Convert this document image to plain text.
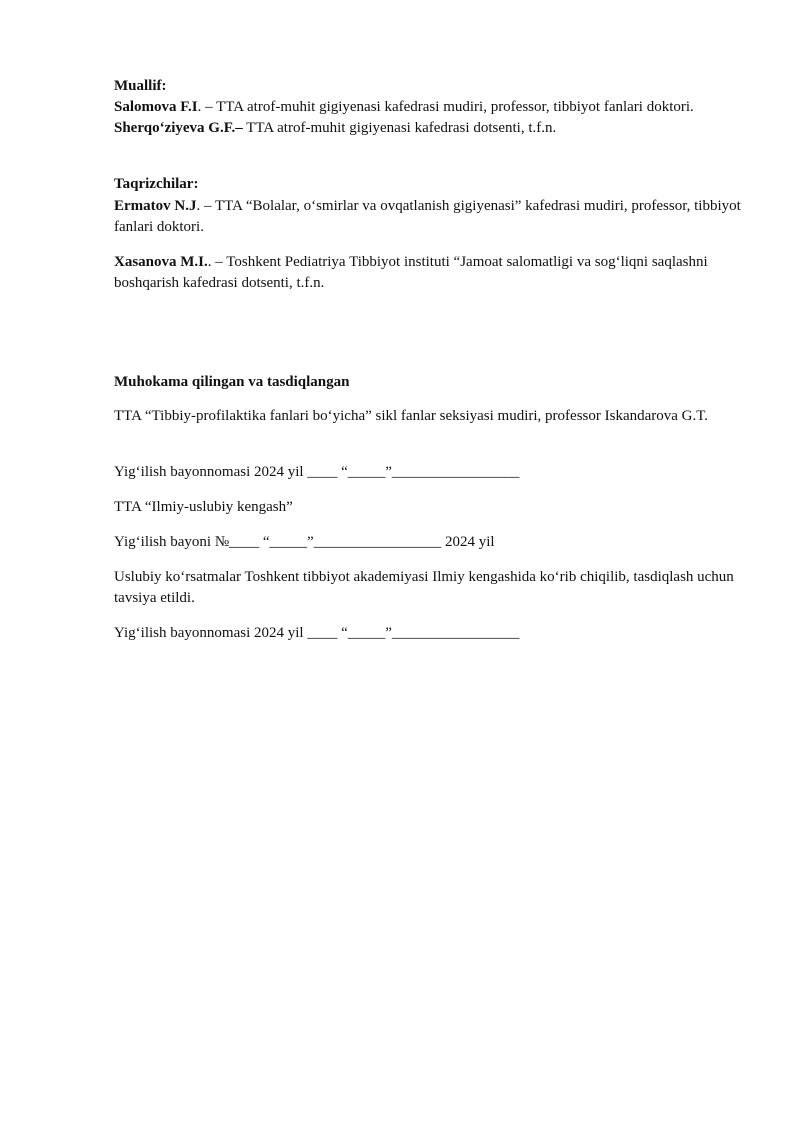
Muallif:
Salomova F.I. – TTA atrof-muhit gigiyenasi kafedrasi mudiri, professor, tibbiyot fanlari doktori.
Sherqo‘ziyeva G.F.– TTA atrof-muhit gigiyenasi kafedrasi dotsenti, t.f.n.
Taqrizchilar:
Ermatov N.J. – TTA “Bolalar, o‘smirlar va ovqatlanish gigiyenasi” kafedrasi mudiri, professor, tibbiyot fanlari doktori.
Xasanova M.I.. – Toshkent Pediatriya Tibbiyot instituti “Jamoat salomatligi va sog‘liqni saqlashni boshqarish kafedrasi dotsenti, t.f.n.
Muhokama qilingan va tasdiqlangan
TTA “Tibbiy-profilaktika fanlari bo‘yicha” sikl fanlar seksiyasi mudiri, professor Iskandarova G.T.
Yig‘ilish bayonnomasi 2024 yil ____ “_____”_________________
TTA “Ilmiy-uslubiy kengash”
Yig‘ilish bayoni №____ “_____”_________________ 2024 yil
Uslubiy ko‘rsatmalar Toshkent tibbiyot akademiyasi Ilmiy kengashida ko‘rib chiqilib, tasdiqlash uchun tavsiya etildi.
Yig‘ilish bayonnomasi 2024 yil ____ “_____”_________________
